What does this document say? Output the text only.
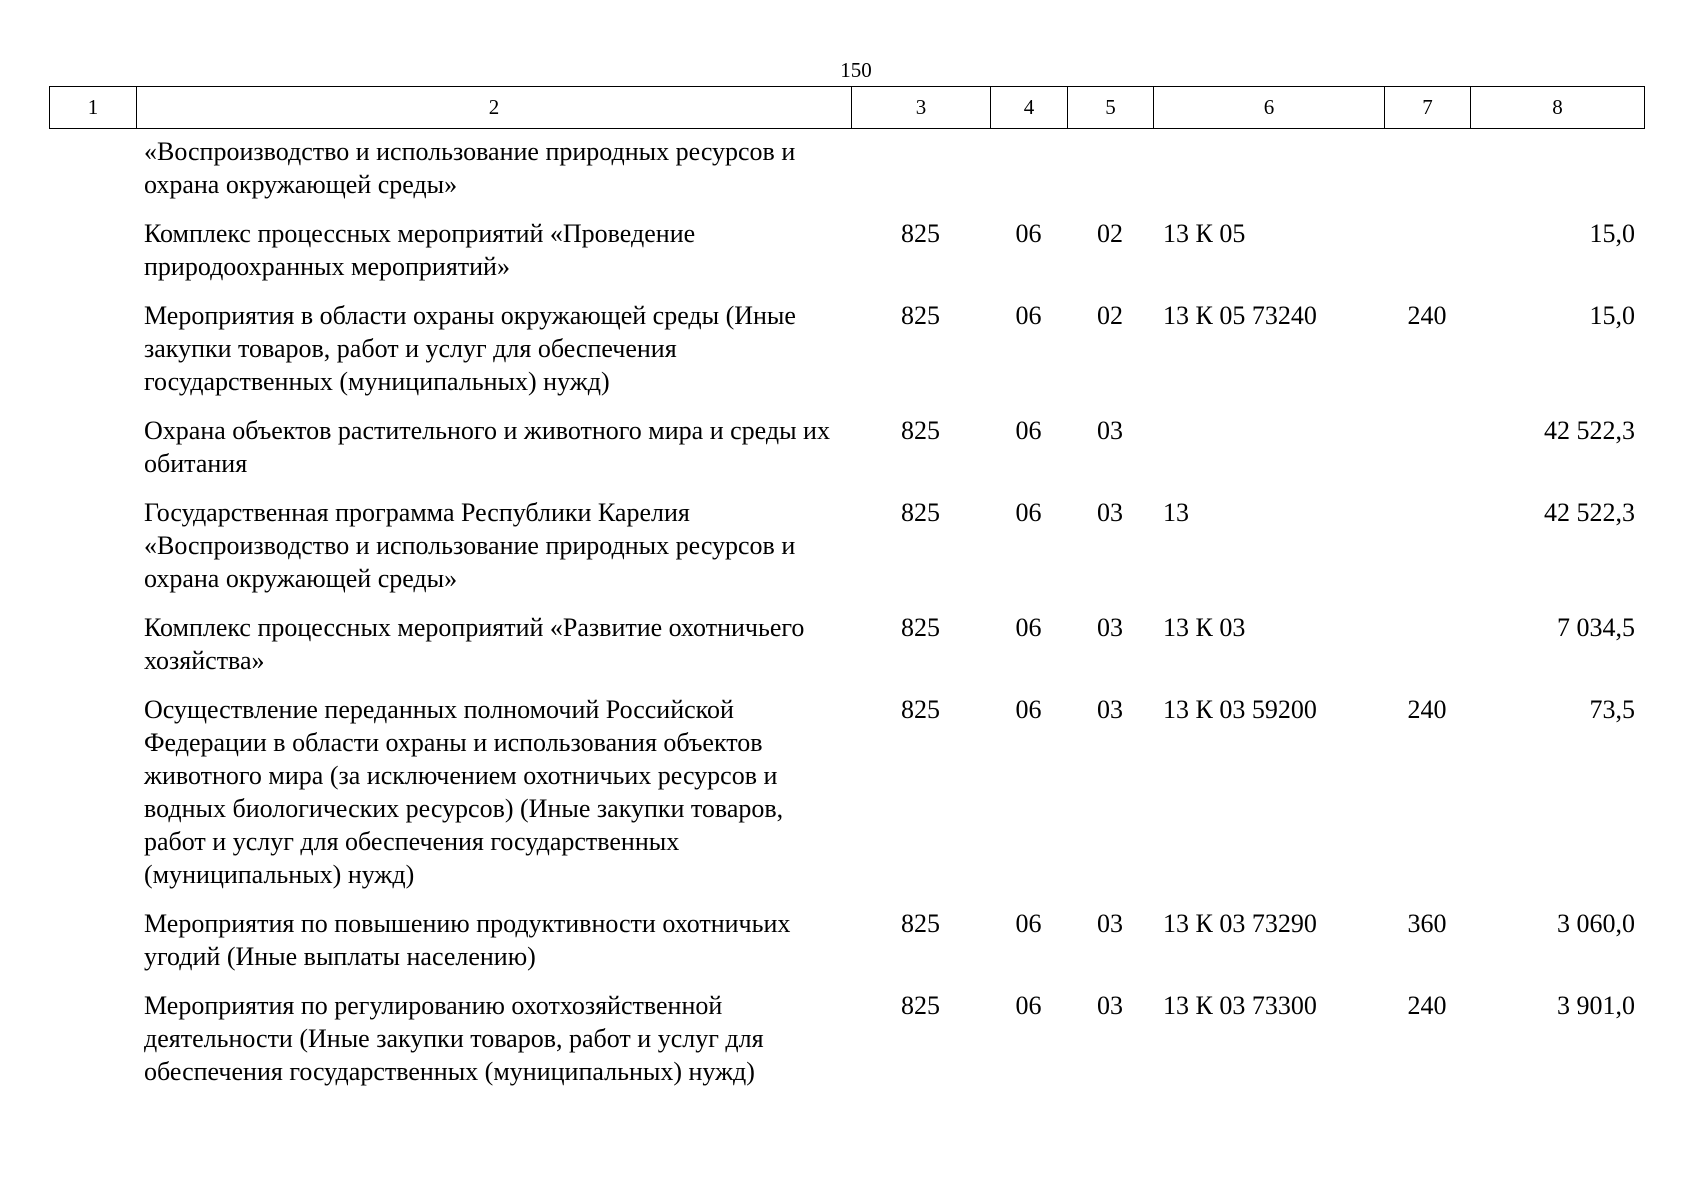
150
1	2	3	4	5	6	7	8
«Воспроизводство и использование природных ресурсов и охрана окружающей среды»						
Комплекс процессных мероприятий «Проведение природоохранных мероприятий»	825	06	02	13 К 05		15,0
Мероприятия в области охраны окружающей среды (Иные закупки товаров, работ и услуг для обеспечения государственных (муниципальных) нужд)	825	06	02	13 К 05 73240	240	15,0
Охрана объектов растительного и животного мира и среды их обитания	825	06	03			42 522,3
Государственная программа Республики Карелия «Воспроизводство и использование природных ресурсов и охрана окружающей среды»	825	06	03	13		42 522,3
Комплекс процессных мероприятий «Развитие охотничьего хозяйства»	825	06	03	13 К 03		7 034,5
Осуществление переданных полномочий Российской Федерации в области охраны и использования объектов животного мира (за исключением охотничьих ресурсов и водных биологических ресурсов) (Иные закупки товаров, работ и услуг для обеспечения государственных (муниципальных) нужд)	825	06	03	13 К 03 59200	240	73,5
Мероприятия по повышению продуктивности охотничьих угодий (Иные выплаты населению)	825	06	03	13 К 03 73290	360	3 060,0
Мероприятия по регулированию охотхозяйственной деятельности (Иные закупки товаров, работ и услуг для обеспечения государственных (муниципальных) нужд)	825	06	03	13 К 03 73300	240	3 901,0
